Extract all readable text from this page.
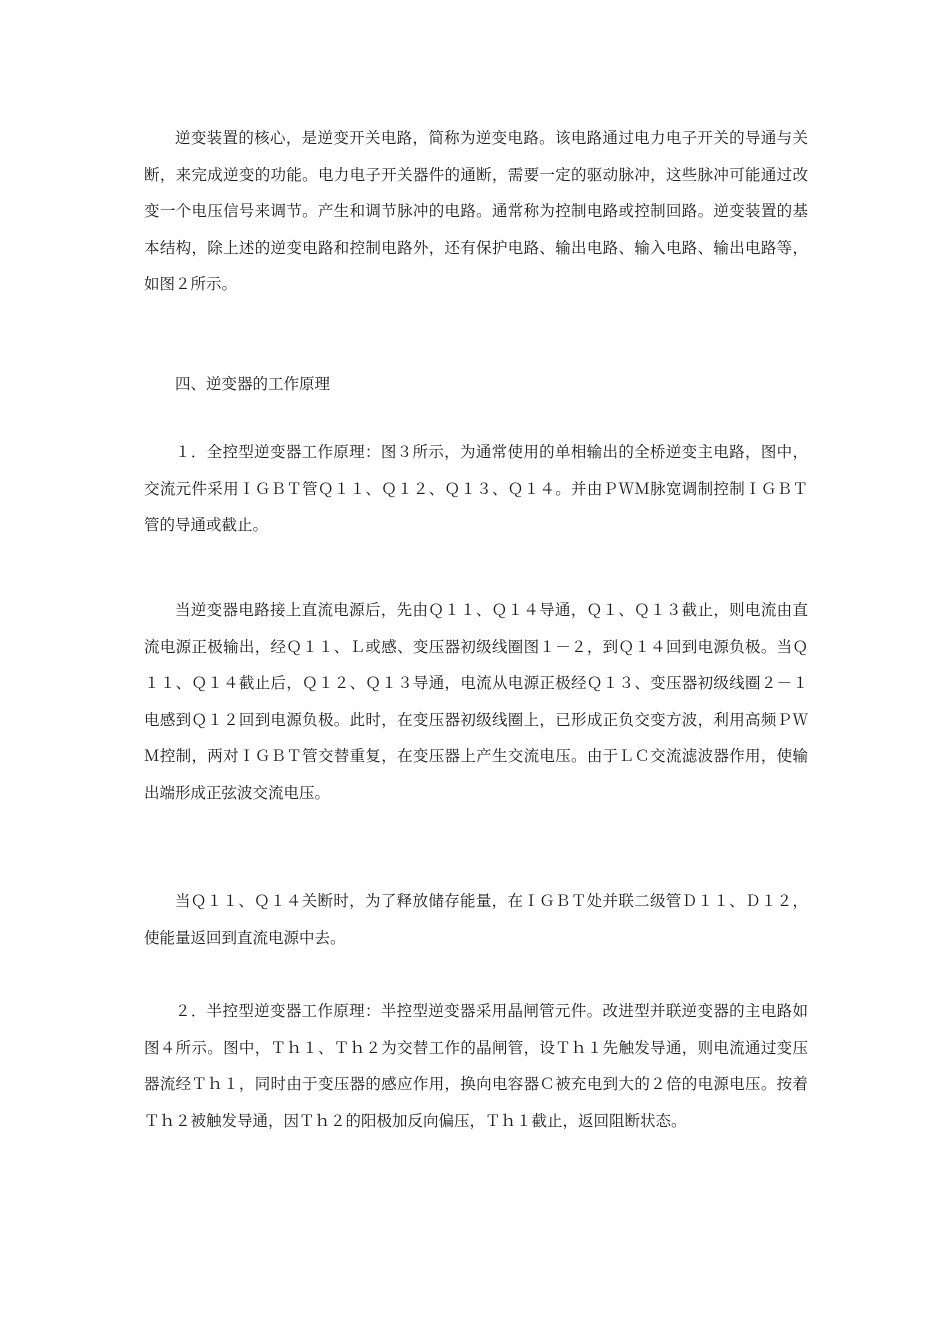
逆变装置的核心，是逆变开关电路，简称为逆变电路。该电路通过电力电子开关的导通与关断，来完成逆变的功能。电力电子开关器件的通断，需要一定的驱动脉冲，这些脉冲可能通过改变一个电压信号来调节。产生和调节脉冲的电路。通常称为控制电路或控制回路。逆变装置的基本结构，除上述的逆变电路和控制电路外，还有保护电路、输出电路、输入电路、输出电路等，如图２所示。

四、逆变器的工作原理

１．全控型逆变器工作原理：图３所示，为通常使用的单相输出的全桥逆变主电路，图中，交流元件采用ＩＧＢＴ管Ｑ１１、Ｑ１２、Ｑ１３、Ｑ１４。并由ＰＷＭ脉宽调制控制ＩＧＢＴ管的导通或截止。

当逆变器电路接上直流电源后，先由Ｑ１１、Ｑ１４导通，Ｑ１、Ｑ１３截止，则电流由直流电源正极输出，经Ｑ１１、Ｌ或感、变压器初级线圈图１－２，到Ｑ１４回到电源负极。当Ｑ１１、Ｑ１４截止后，Ｑ１２、Ｑ１３导通，电流从电源正极经Ｑ１３、变压器初级线圈２－１电感到Ｑ１２回到电源负极。此时，在变压器初级线圈上，已形成正负交变方波，利用高频ＰＷＭ控制，两对ＩＧＢＴ管交替重复，在变压器上产生交流电压。由于ＬＣ交流滤波器作用，使输出端形成正弦波交流电压。

当Ｑ１１、Ｑ１４关断时，为了释放储存能量，在ＩＧＢＴ处并联二级管Ｄ１１、Ｄ１２，使能量返回到直流电源中去。

２．半控型逆变器工作原理：半控型逆变器采用晶闸管元件。改进型并联逆变器的主电路如图４所示。图中，Ｔｈ１、Ｔｈ２为交替工作的晶闸管，设Ｔｈ１先触发导通，则电流通过变压器流经Ｔｈ１，同时由于变压器的感应作用，换向电容器Ｃ被充电到大的２倍的电源电压。按着Ｔｈ２被触发导通，因Ｔｈ２的阳极加反向偏压，Ｔｈ１截止，返回阻断状态。
